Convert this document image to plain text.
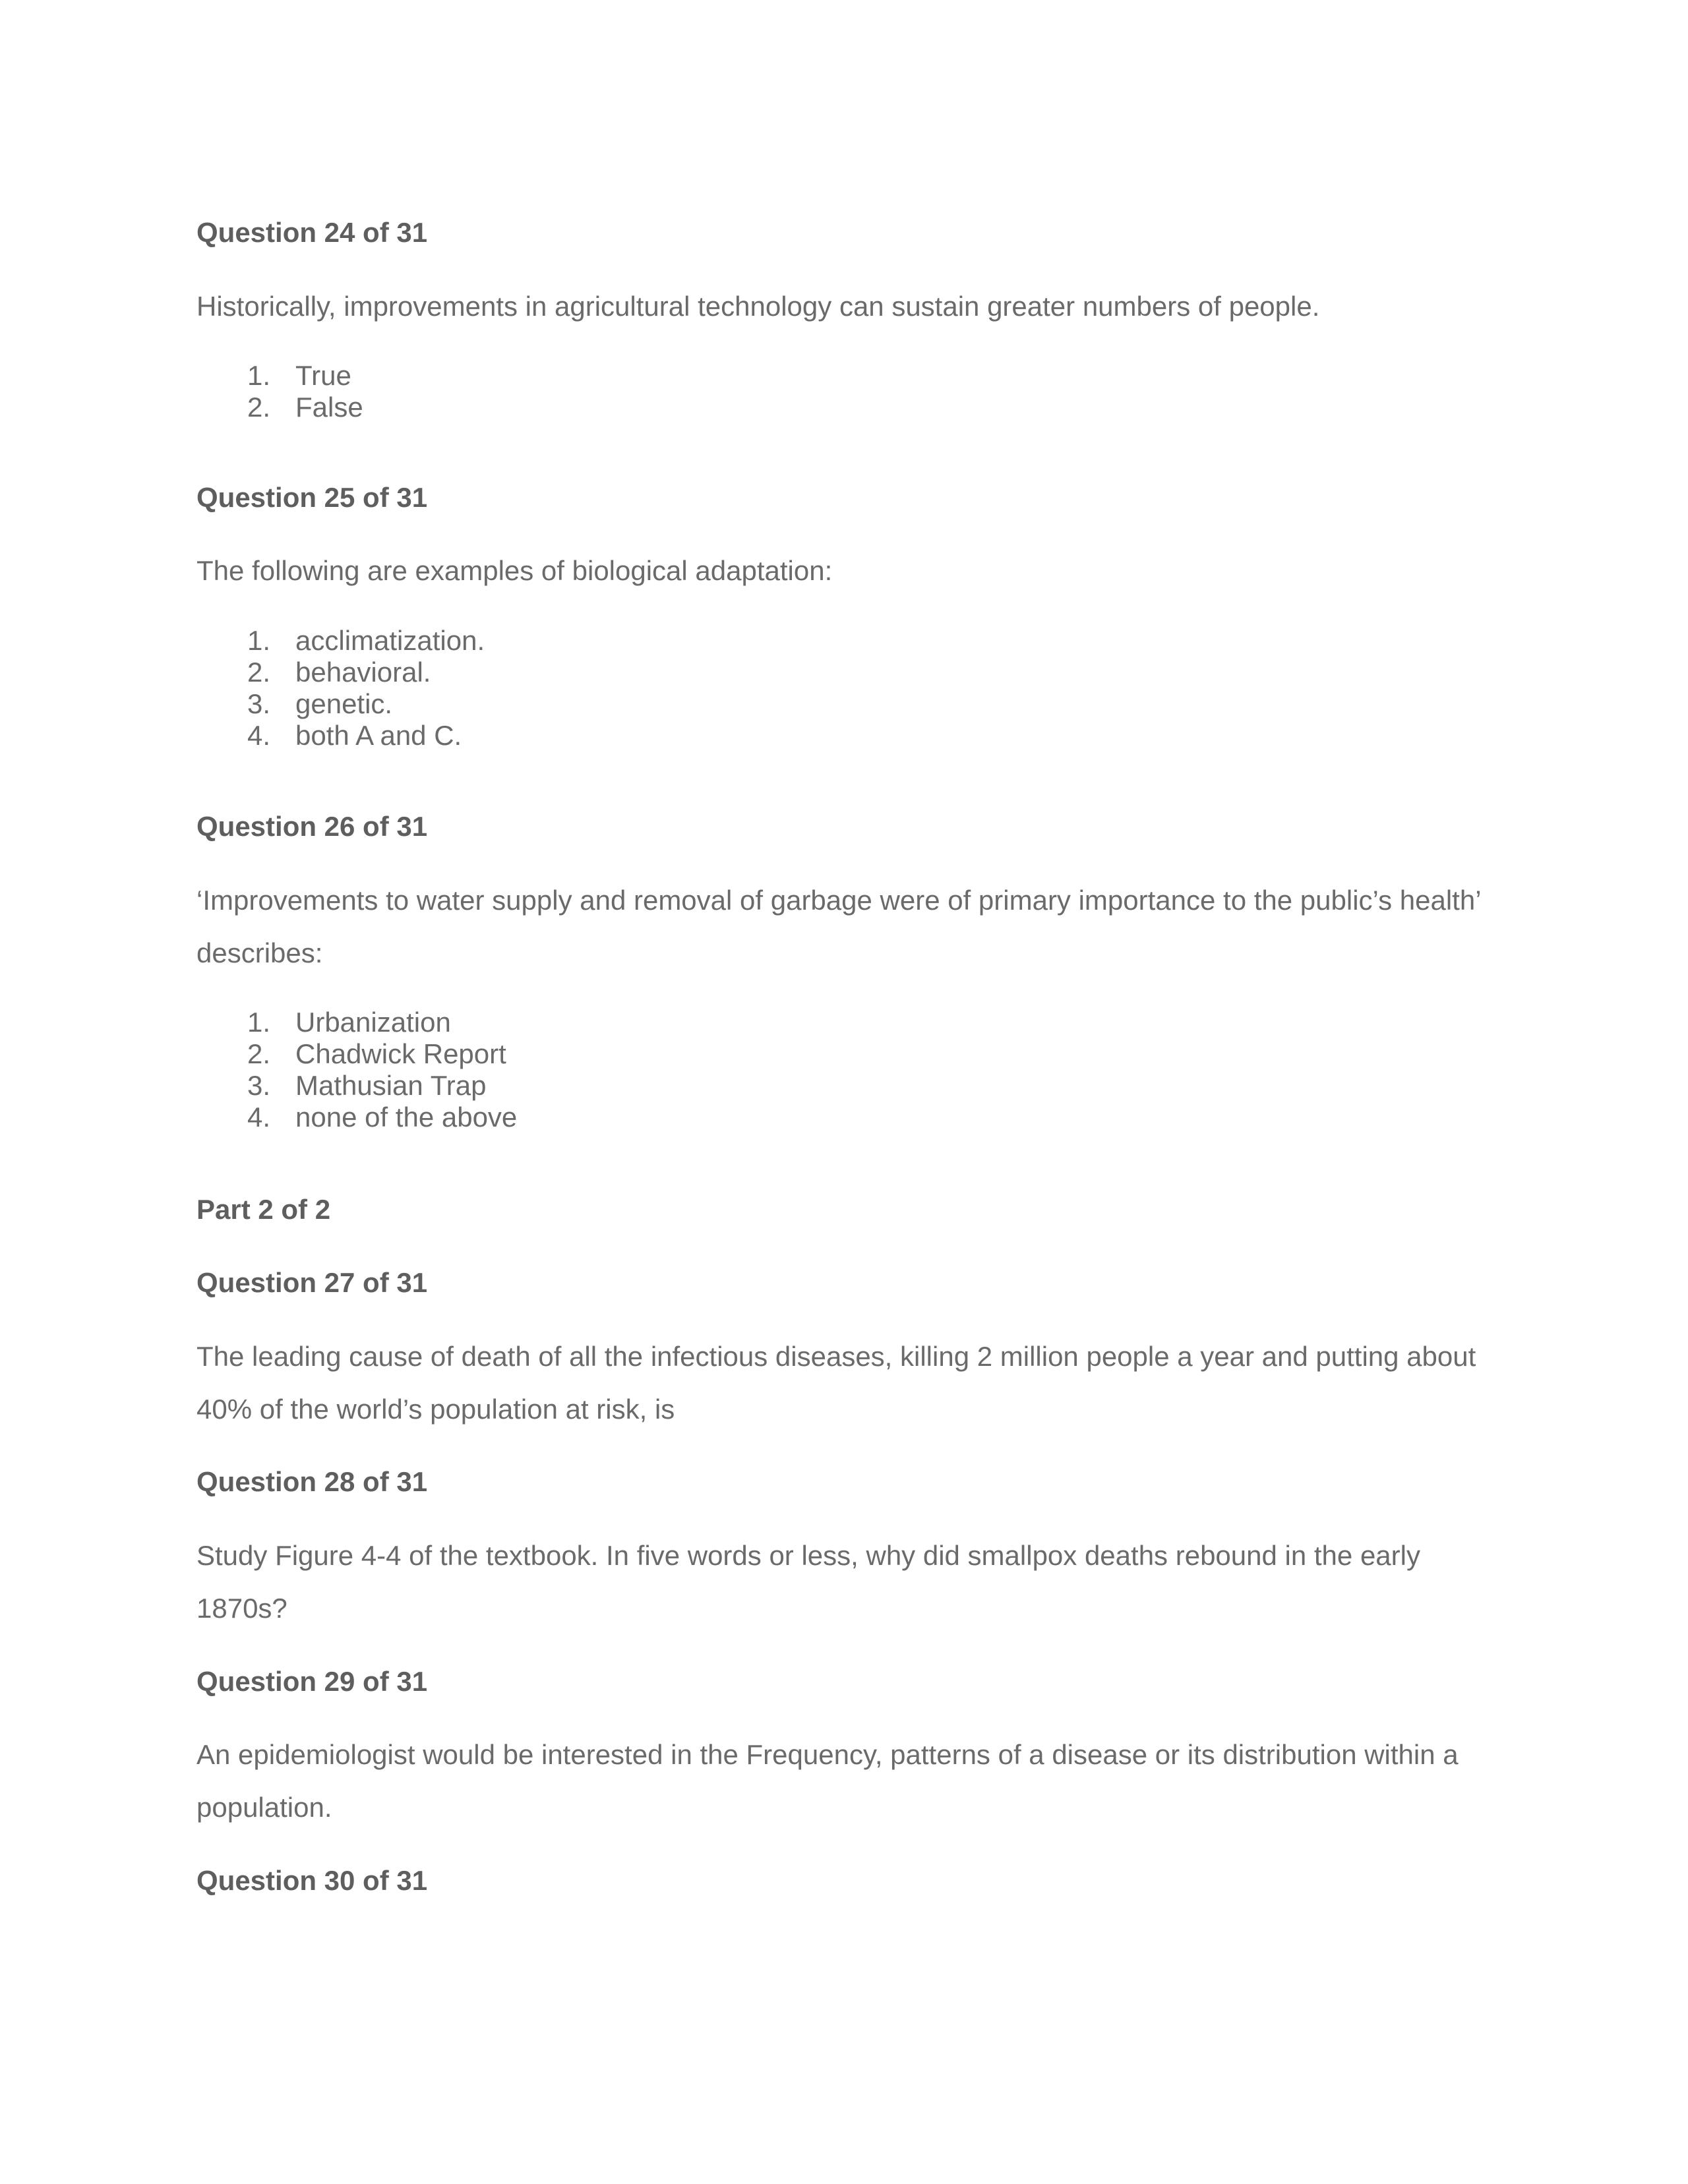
Question 24 of 31
Historically, improvements in agricultural technology can sustain greater numbers of people.
1. True
2. False
Question 25 of 31
The following are examples of biological adaptation:
1. acclimatization.
2. behavioral.
3. genetic.
4. both A and C.
Question 26 of 31
‘Improvements to water supply and removal of garbage were of primary importance to the public’s health’
describes:
1. Urbanization
2. Chadwick Report
3. Mathusian Trap
4. none of the above
Part 2 of 2
Question 27 of 31
The leading cause of death of all the infectious diseases, killing 2 million people a year and putting about
40% of the world’s population at risk, is
Question 28 of 31
Study Figure 4-4 of the textbook. In five words or less, why did smallpox deaths rebound in the early
1870s?
Question 29 of 31
An epidemiologist would be interested in the Frequency, patterns of a disease or its distribution within a
population.
Question 30 of 31
